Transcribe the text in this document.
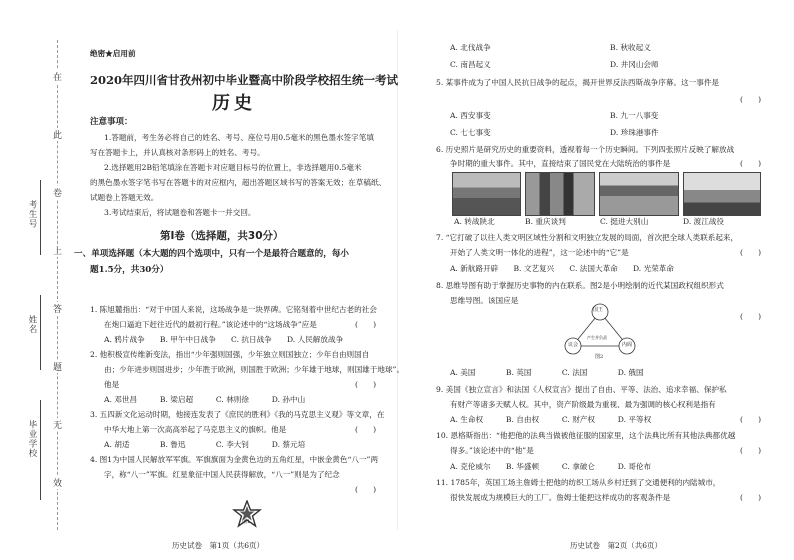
在
此
卷
上
答
题
无
效
考生号
姓名
毕业学校
绝密★启用前
2020年四川省甘孜州初中毕业暨高中阶段学校招生统一考试
历史
注意事项：
1.答题前，考生务必将自己的姓名、考号、座位号用0.5毫米的黑色墨水签字笔填
写在答题卡上，并认真核对条形码上的姓名、考号。
2.选择题用2B铅笔填涂在答题卡对应题目标号的位置上，非选择题用0.5毫米
的黑色墨水签字笔书写在答题卡的对应框内，超出答题区域书写的答案无效；在草稿纸、
试题卷上答题无效。
3.考试结束后，将试题卷和答题卡一并交回。
第Ⅰ卷（选择题，共30分）
一、单项选择题（本大题的四个选项中，只有一个是最符合题意的，每小
题1.5分，共30分）
1. 陈旭麓指出：“对于中国人来说，这场战争是一块界碑。它铭刻着中世纪古老的社会
在炮口逼迫下赶往近代的最初行程。”该论述中的“这场战争”应是	(　　)
A. 鸦片战争　　B. 甲午中日战争　　C. 抗日战争　　D. 人民解放战争
2. 他积极宣传维新变法，指出“少年强则国强，少年独立则国独立；少年自由则国自
由；少年进步则国进步；少年胜于欧洲，则国胜于欧洲；少年雄于地球，则国雄于地球”。
他是	(　　)
A. 邓世昌　　　B. 梁启超　　　C. 林则徐　　　D. 孙中山
3. 五四新文化运动时期，他接连发表了《庶民的胜利》《我的马克思主义观》等文章，在
中华大地上第一次高高举起了马克思主义的旗帜。他是	(　　)
A. 胡适　　　　B. 鲁迅　　　　C. 李大钊　　　D. 蔡元培
4. 图1为中国人民解放军军旗。军旗旗面为金黄色边的五角红星，中嵌金黄色“八一”两
字，称“八一”军旗。红星象征中国人民获得解放，“八一”则是为了纪念
(　　)
图1
历史试卷　第1页（共6页）
A. 北伐战争	B. 秋收起义
C. 南昌起义	D. 井冈山会师
5. 某事件成为了中国人民抗日战争的起点，揭开世界反法西斯战争序幕。这一事件是
(　　)
A. 西安事变	B. 九一八事变
C. 七七事变	D. 珍珠港事件
6. 历史照片是研究历史的重要资料，透视着每一个历史瞬间。下列四张照片反映了解放战
争时期的重大事件。其中，直接结束了国民党在大陆统治的事件是	(　　)
A. 转战陕北	B. 重庆谈判	C. 挺进大别山	D. 渡江战役
7. “它打破了以往人类文明区域性分割和文明独立发展的局面，首次把全球人类联系起来，
开始了人类文明一体化的进程”，这一论述中的“它”是	(　　)
A. 新航路开辟　　B. 文艺复兴　　C. 法国大革命　　D. 光荣革命
8. 思维导图有助于掌握历史事物的内在联系。图2是小明绘制的近代某国政权组织形式
思维导图。该国应是
(　　)
A. 美国　　　　B. 英国　　　　C. 法国　　　　D. 俄国
9. 美国《独立宣言》和法国《人权宣言》提出了自由、平等、法治、追求幸福、保护私
有财产等诸多天赋人权。其中，资产阶级最为重视、最为强调的核心权利是指有
(　　)
A. 生命权　　　B. 自由权　　　C. 财产权　　　D. 平等权
10. 恩格斯指出：“他把他的法典当做被他征服的国家里，这个法典比所有其他法典都优越
得多。”该论述中的“他”是	(　　)
A. 克伦威尔　　B. 华盛顿　　　C. 拿破仑　　　D. 哥伦布
11. 1785年，英国工场主詹姆士把他的纺织工场从乡村迁到了交通便利的内陆城市，
很快发展成为规模巨大的工厂。詹姆士能把这样成功的客观条件是	(　　)
国王
议会	内阁
产生并负责
图2
历史试卷　第2页（共6页）
